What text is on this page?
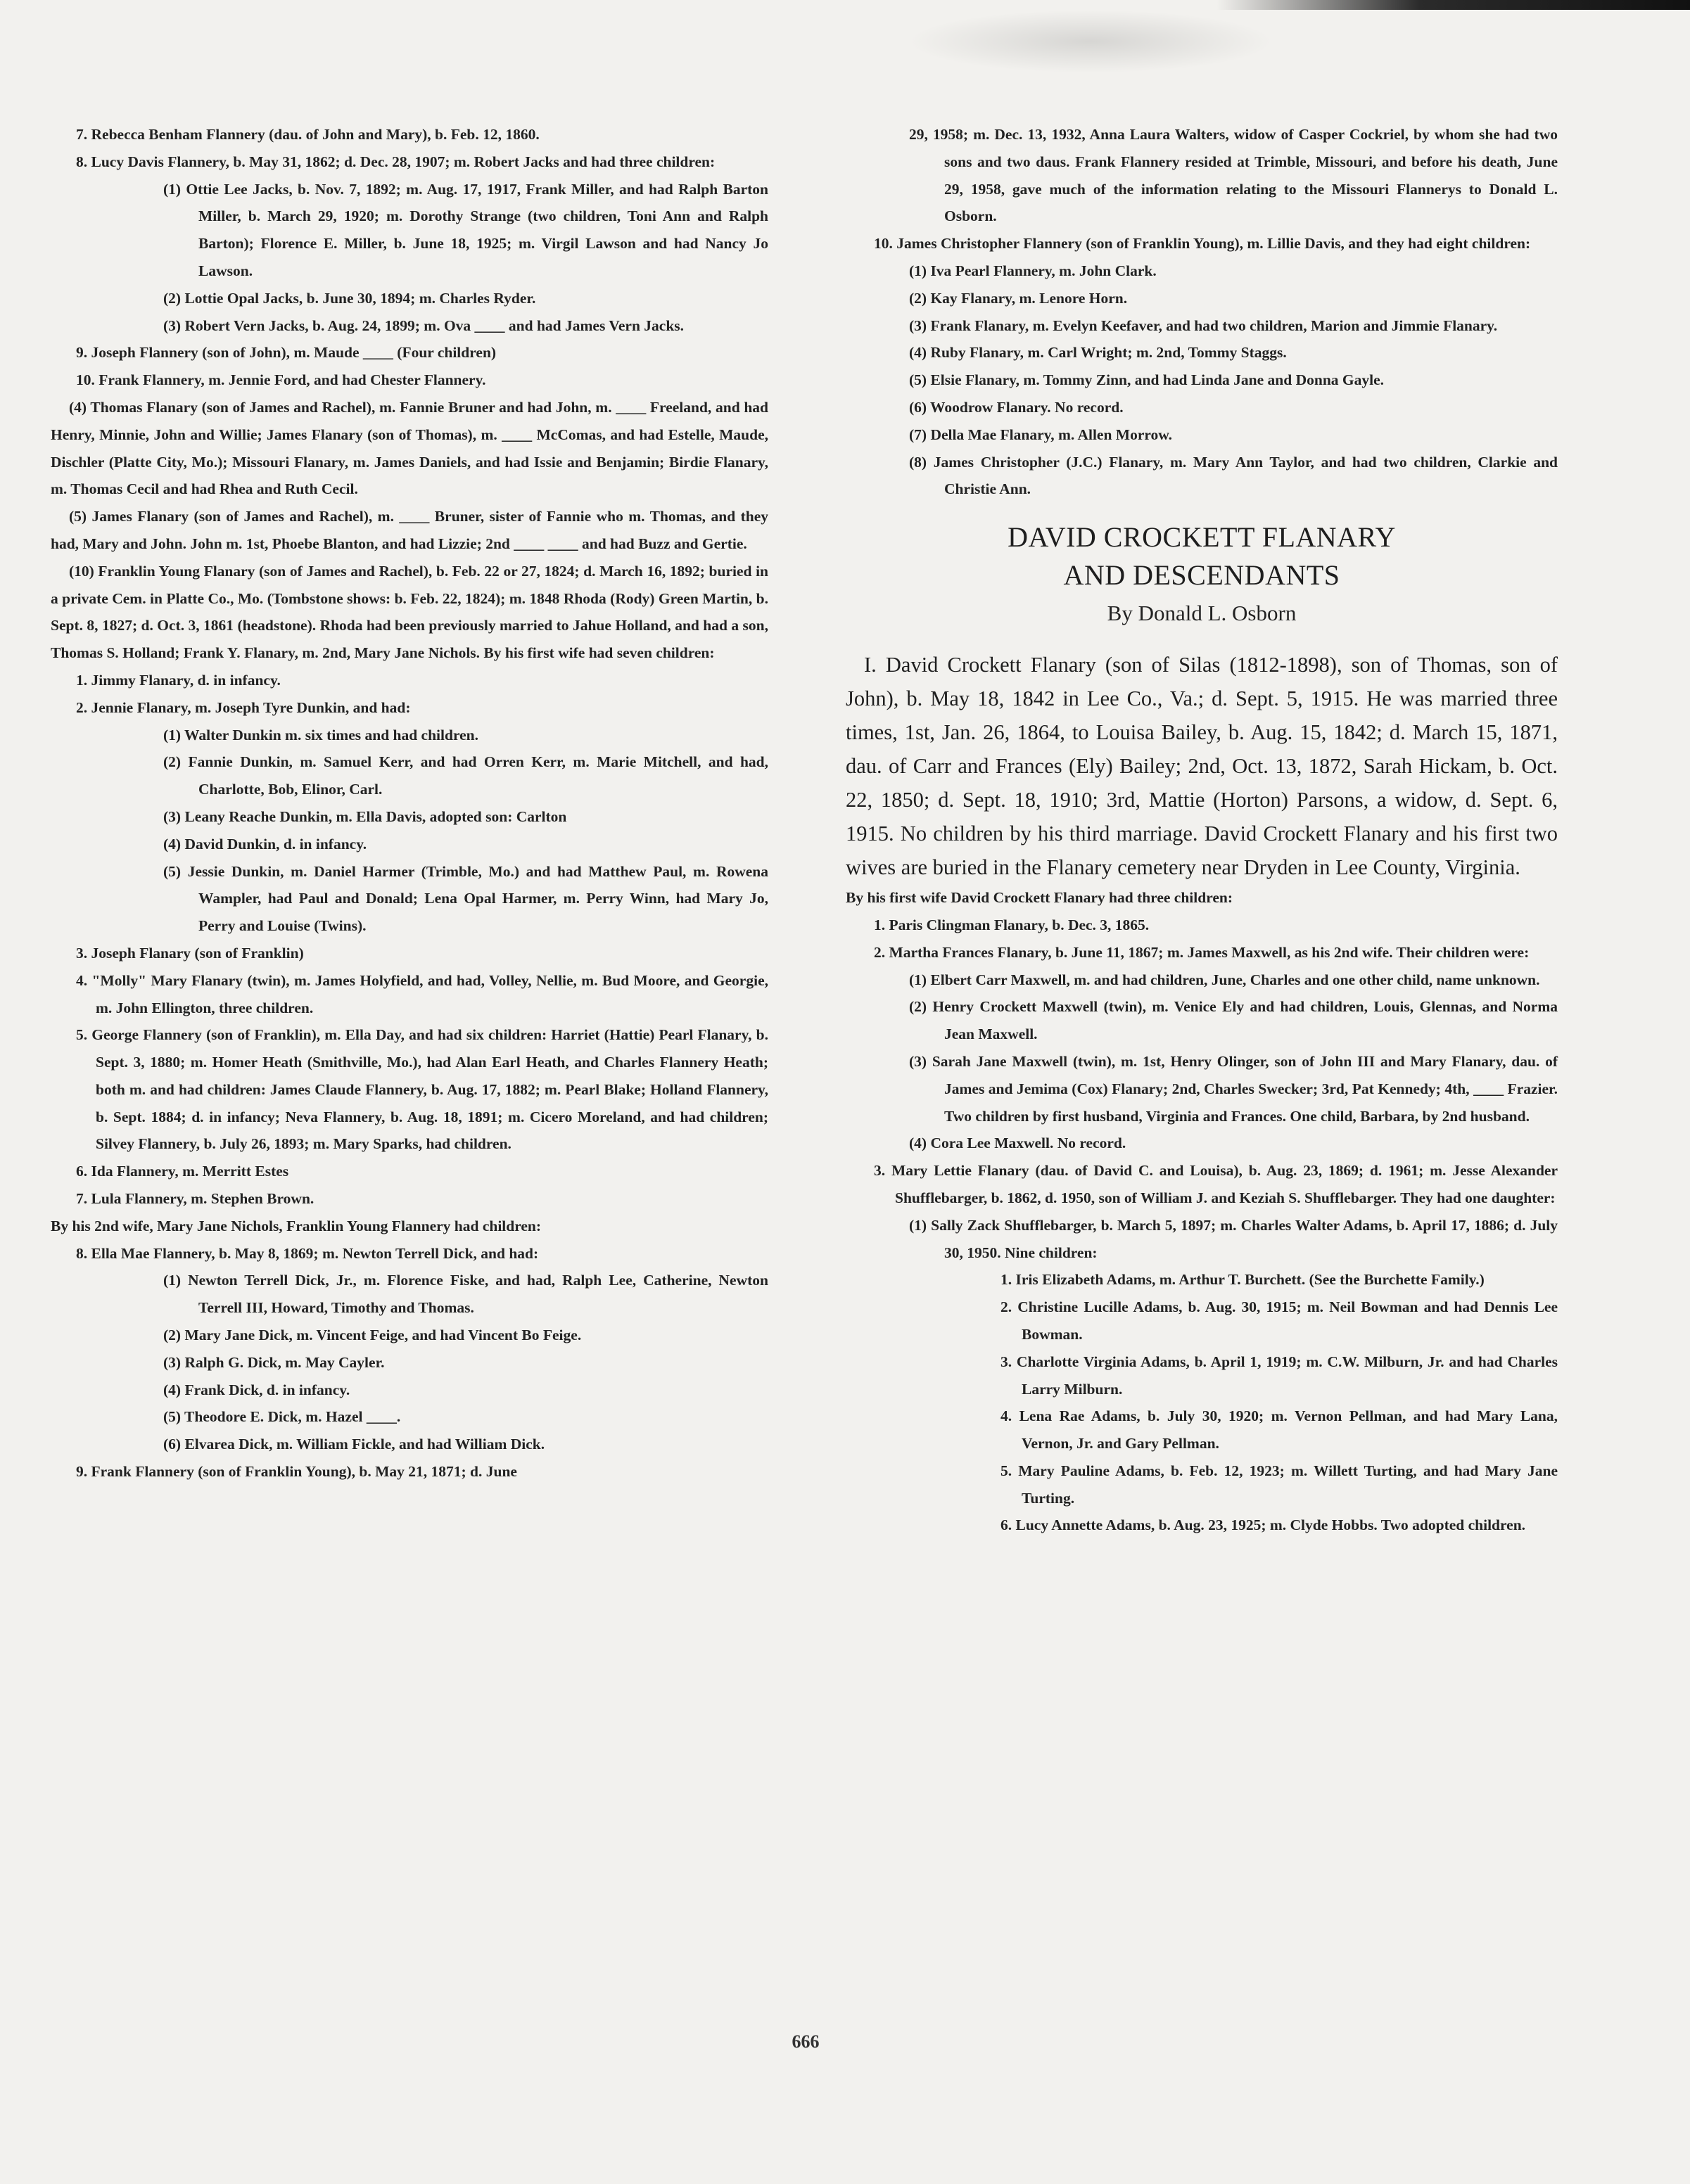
7. Rebecca Benham Flannery (dau. of John and Mary), b. Feb. 12, 1860.

8. Lucy Davis Flannery, b. May 31, 1862; d. Dec. 28, 1907; m. Robert Jacks and had three children:

(1) Ottie Lee Jacks, b. Nov. 7, 1892; m. Aug. 17, 1917, Frank Miller, and had Ralph Barton Miller, b. March 29, 1920; m. Dorothy Strange (two children, Toni Ann and Ralph Barton); Florence E. Miller, b. June 18, 1925; m. Virgil Lawson and had Nancy Jo Lawson.

(2) Lottie Opal Jacks, b. June 30, 1894; m. Charles Ryder.

(3) Robert Vern Jacks, b. Aug. 24, 1899; m. Ova ____ and had James Vern Jacks.

9. Joseph Flannery (son of John), m. Maude ____ (Four children)

10. Frank Flannery, m. Jennie Ford, and had Chester Flannery.

(4) Thomas Flanary (son of James and Rachel), m. Fannie Bruner and had John, m. ____ Freeland, and had Henry, Minnie, John and Willie; James Flanary (son of Thomas), m. ____ McComas, and had Estelle, Maude, Dischler (Platte City, Mo.); Missouri Flanary, m. James Daniels, and had Issie and Benjamin; Birdie Flanary, m. Thomas Cecil and had Rhea and Ruth Cecil.

(5) James Flanary (son of James and Rachel), m. ____ Bruner, sister of Fannie who m. Thomas, and they had, Mary and John. John m. 1st, Phoebe Blanton, and had Lizzie; 2nd ____ ____ and had Buzz and Gertie.

(10) Franklin Young Flanary (son of James and Rachel), b. Feb. 22 or 27, 1824; d. March 16, 1892; buried in a private Cem. in Platte Co., Mo. (Tombstone shows: b. Feb. 22, 1824); m. 1848 Rhoda (Rody) Green Martin, b. Sept. 8, 1827; d. Oct. 3, 1861 (headstone). Rhoda had been previously married to Jahue Holland, and had a son, Thomas S. Holland; Frank Y. Flanary, m. 2nd, Mary Jane Nichols. By his first wife had seven children:

1. Jimmy Flanary, d. in infancy.

2. Jennie Flanary, m. Joseph Tyre Dunkin, and had:

(1) Walter Dunkin m. six times and had children.

(2) Fannie Dunkin, m. Samuel Kerr, and had Orren Kerr, m. Marie Mitchell, and had, Charlotte, Bob, Elinor, Carl.

(3) Leany Reache Dunkin, m. Ella Davis, adopted son: Carlton

(4) David Dunkin, d. in infancy.

(5) Jessie Dunkin, m. Daniel Harmer (Trimble, Mo.) and had Matthew Paul, m. Rowena Wampler, had Paul and Donald; Lena Opal Harmer, m. Perry Winn, had Mary Jo, Perry and Louise (Twins).

3. Joseph Flanary (son of Franklin)

4. "Molly" Mary Flanary (twin), m. James Holyfield, and had, Volley, Nellie, m. Bud Moore, and Georgie, m. John Ellington, three children.

5. George Flannery (son of Franklin), m. Ella Day, and had six children: Harriet (Hattie) Pearl Flanary, b. Sept. 3, 1880; m. Homer Heath (Smithville, Mo.), had Alan Earl Heath, and Charles Flannery Heath; both m. and had children: James Claude Flannery, b. Aug. 17, 1882; m. Pearl Blake; Holland Flannery, b. Sept. 1884; d. in infancy; Neva Flannery, b. Aug. 18, 1891; m. Cicero Moreland, and had children; Silvey Flannery, b. July 26, 1893; m. Mary Sparks, had children.

6. Ida Flannery, m. Merritt Estes

7. Lula Flannery, m. Stephen Brown.

By his 2nd wife, Mary Jane Nichols, Franklin Young Flannery had children:

8. Ella Mae Flannery, b. May 8, 1869; m. Newton Terrell Dick, and had:

(1) Newton Terrell Dick, Jr., m. Florence Fiske, and had, Ralph Lee, Catherine, Newton Terrell III, Howard, Timothy and Thomas.

(2) Mary Jane Dick, m. Vincent Feige, and had Vincent Bo Feige.

(3) Ralph G. Dick, m. May Cayler.

(4) Frank Dick, d. in infancy.

(5) Theodore E. Dick, m. Hazel ____.

(6) Elvarea Dick, m. William Fickle, and had William Dick.

9. Frank Flannery (son of Franklin Young), b. May 21, 1871; d. June

29, 1958; m. Dec. 13, 1932, Anna Laura Walters, widow of Casper Cockriel, by whom she had two sons and two daus. Frank Flannery resided at Trimble, Missouri, and before his death, June 29, 1958, gave much of the information relating to the Missouri Flannerys to Donald L. Osborn.

10. James Christopher Flannery (son of Franklin Young), m. Lillie Davis, and they had eight children:

(1) Iva Pearl Flannery, m. John Clark.

(2) Kay Flanary, m. Lenore Horn.

(3) Frank Flanary, m. Evelyn Keefaver, and had two children, Marion and Jimmie Flanary.

(4) Ruby Flanary, m. Carl Wright; m. 2nd, Tommy Staggs.

(5) Elsie Flanary, m. Tommy Zinn, and had Linda Jane and Donna Gayle.

(6) Woodrow Flanary. No record.

(7) Della Mae Flanary, m. Allen Morrow.

(8) James Christopher (J.C.) Flanary, m. Mary Ann Taylor, and had two children, Clarkie and Christie Ann.

DAVID CROCKETT FLANARY
AND DESCENDANTS
By Donald L. Osborn

I. David Crockett Flanary (son of Silas (1812-1898), son of Thomas, son of John), b. May 18, 1842 in Lee Co., Va.; d. Sept. 5, 1915. He was married three times, 1st, Jan. 26, 1864, to Louisa Bailey, b. Aug. 15, 1842; d. March 15, 1871, dau. of Carr and Frances (Ely) Bailey; 2nd, Oct. 13, 1872, Sarah Hickam, b. Oct. 22, 1850; d. Sept. 18, 1910; 3rd, Mattie (Horton) Parsons, a widow, d. Sept. 6, 1915. No children by his third marriage. David Crockett Flanary and his first two wives are buried in the Flanary cemetery near Dryden in Lee County, Virginia.

By his first wife David Crockett Flanary had three children:

1. Paris Clingman Flanary, b. Dec. 3, 1865.

2. Martha Frances Flanary, b. June 11, 1867; m. James Maxwell, as his 2nd wife. Their children were:

(1) Elbert Carr Maxwell, m. and had children, June, Charles and one other child, name unknown.

(2) Henry Crockett Maxwell (twin), m. Venice Ely and had children, Louis, Glennas, and Norma Jean Maxwell.

(3) Sarah Jane Maxwell (twin), m. 1st, Henry Olinger, son of John III and Mary Flanary, dau. of James and Jemima (Cox) Flanary; 2nd, Charles Swecker; 3rd, Pat Kennedy; 4th, ____ Frazier. Two children by first husband, Virginia and Frances. One child, Barbara, by 2nd husband.

(4) Cora Lee Maxwell. No record.

3. Mary Lettie Flanary (dau. of David C. and Louisa), b. Aug. 23, 1869; d. 1961; m. Jesse Alexander Shufflebarger, b. 1862, d. 1950, son of William J. and Keziah S. Shufflebarger. They had one daughter:

(1) Sally Zack Shufflebarger, b. March 5, 1897; m. Charles Walter Adams, b. April 17, 1886; d. July 30, 1950. Nine children:

1. Iris Elizabeth Adams, m. Arthur T. Burchett. (See the Burchette Family.)

2. Christine Lucille Adams, b. Aug. 30, 1915; m. Neil Bowman and had Dennis Lee Bowman.

3. Charlotte Virginia Adams, b. April 1, 1919; m. C.W. Milburn, Jr. and had Charles Larry Milburn.

4. Lena Rae Adams, b. July 30, 1920; m. Vernon Pellman, and had Mary Lana, Vernon, Jr. and Gary Pellman.

5. Mary Pauline Adams, b. Feb. 12, 1923; m. Willett Turting, and had Mary Jane Turting.

6. Lucy Annette Adams, b. Aug. 23, 1925; m. Clyde Hobbs. Two adopted children.

666
